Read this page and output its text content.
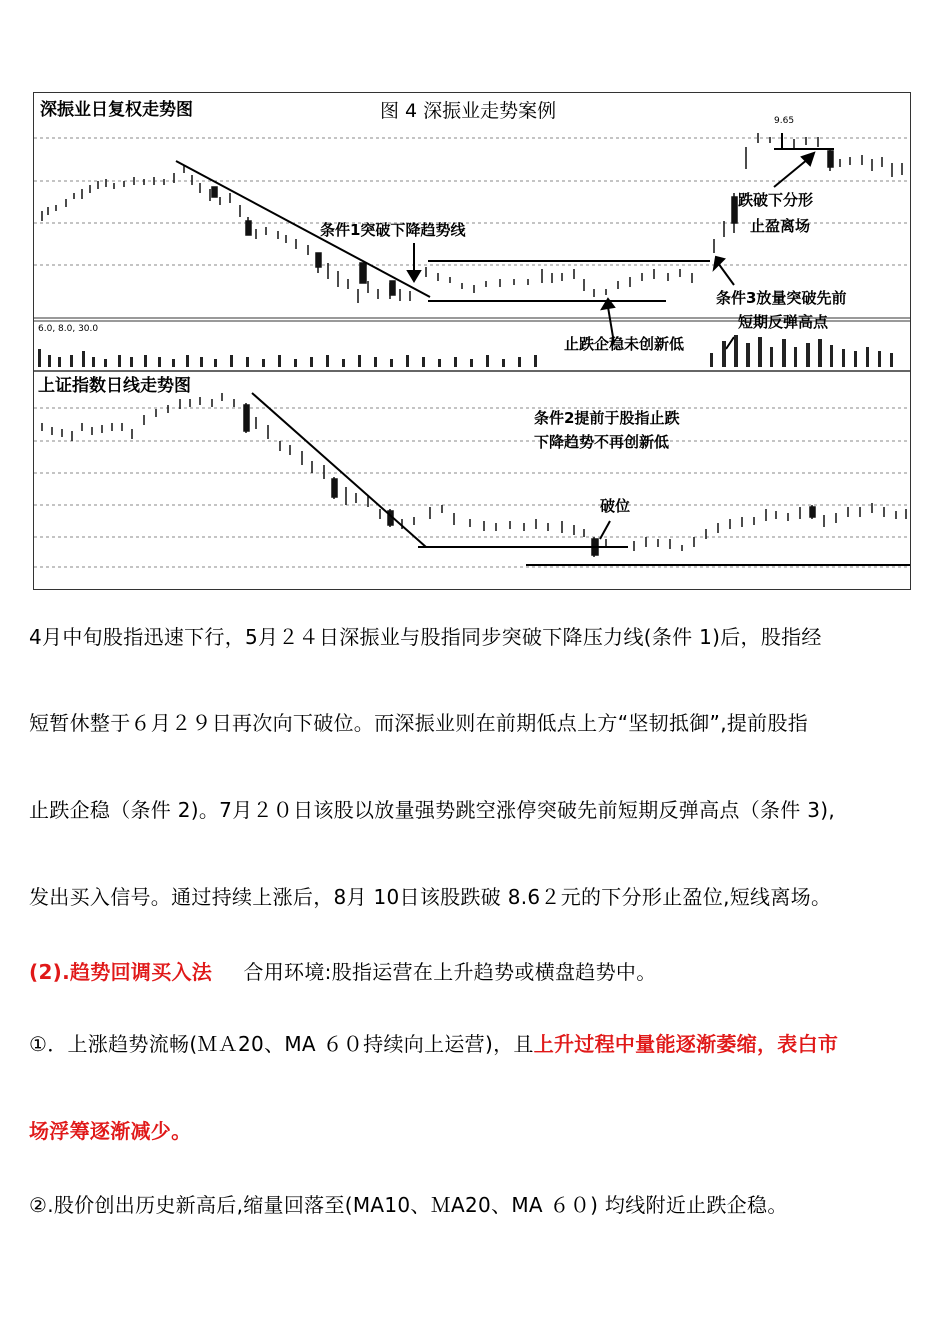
深振业日复权走势图	图 4 深振业走势案例	9.65
6.0, 8.0, 30.0
跌破下分形
止盈离场
条件1突破下降趋势线
条件3放量突破先前
短期反弹高点
止跌企稳未创新低
上证指数日线走势图
条件2提前于股指止跌
下降趋势不再创新低
破位
4月中旬股指迅速下行，5月２４日深振业与股指同步突破下降压力线(条件 1)后，股指经
短暂休整于６月２９日再次向下破位。而深振业则在前期低点上方“坚韧抵御”,提前股指
止跌企稳（条件 2)。7月２０日该股以放量强势跳空涨停突破先前短期反弹高点（条件 3),
发出买入信号。通过持续上涨后，8月 10日该股跌破 8.6２元的下分形止盈位,短线离场。
(2).趋势回调买入法 合用环境:股指运营在上升趋势或横盘趋势中。
①．上涨趋势流畅(ＭＡ20、MA ６０持续向上运营)，且上升过程中量能逐渐萎缩，表白市
场浮筹逐渐减少。
②.股价创出历史新高后,缩量回落至(MA10、ＭA20、MA ６０) 均线附近止跌企稳。
